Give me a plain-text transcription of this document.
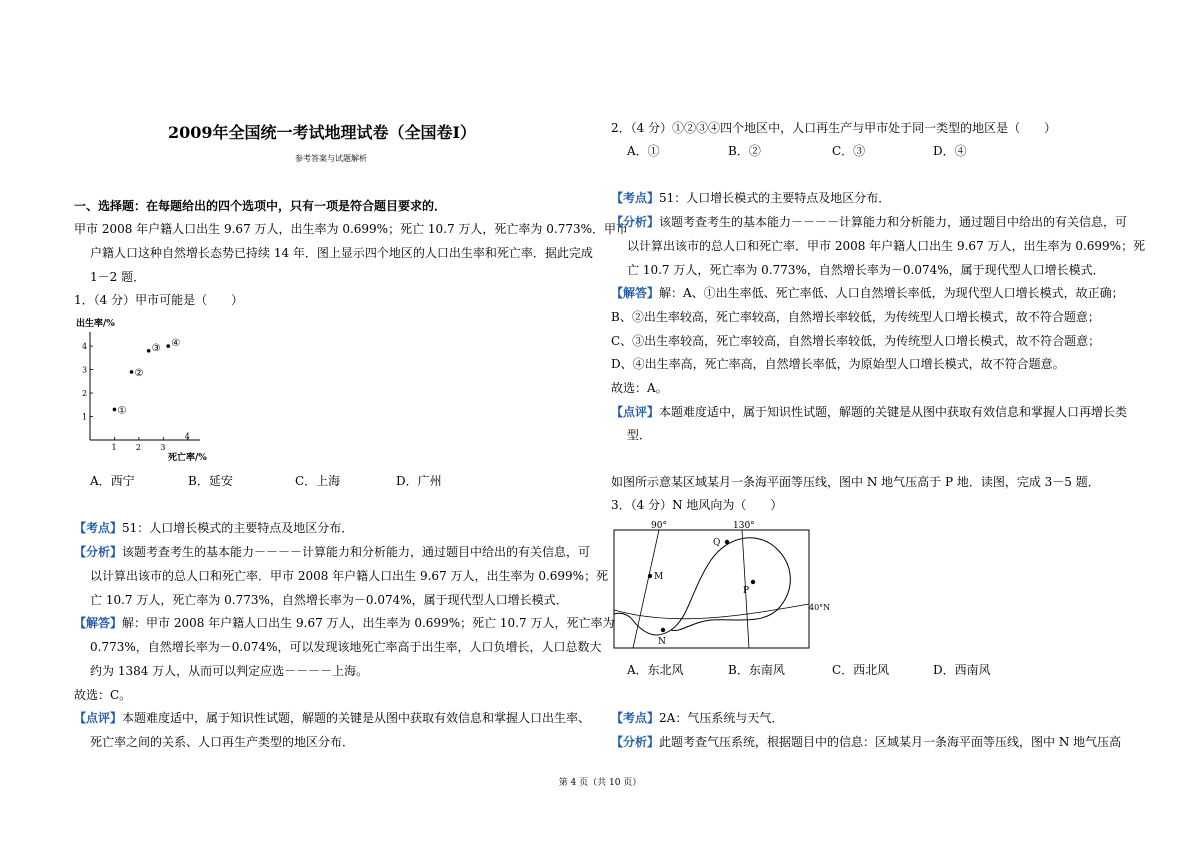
2009年全国统一考试地理试卷（全国卷Ⅰ）
参考答案与试题解析
一、选择题：在每题给出的四个选项中，只有一项是符合题目要求的．
甲市 2008 年户籍人口出生 9.67 万人，出生率为 0.699%；死亡 10.7 万人，死亡率为 0.773%．甲市
户籍人口这种自然增长态势已持续 14 年．图上显示四个地区的人口出生率和死亡率．据此完成
1－2 题．
1．（4 分）甲市可能是（　　）
出生率/%
死亡率/%
1 2 3
4
1
2
3
4
①
②
③ ④
A．西宁	B．延安	C．上海	D．广州
【考点】51：人口增长模式的主要特点及地区分布．
【分析】该题考查考生的基本能力－－－－计算能力和分析能力，通过题目中给出的有关信息，可
以计算出该市的总人口和死亡率．甲市 2008 年户籍人口出生 9.67 万人，出生率为 0.699%；死
亡 10.7 万人，死亡率为 0.773%，自然增长率为－0.074%，属于现代型人口增长模式．
【解答】解：甲市 2008 年户籍人口出生 9.67 万人，出生率为 0.699%；死亡 10.7 万人，死亡率为
0.773%，自然增长率为－0.074%，可以发现该地死亡率高于出生率，人口负增长，人口总数大
约为 1384 万人，从而可以判定应选－－－－上海。
故选：C。
【点评】本题难度适中，属于知识性试题，解题的关键是从图中获取有效信息和掌握人口出生率、
死亡率之间的关系、人口再生产类型的地区分布．
2．（4 分）①②③④四个地区中，人口再生产与甲市处于同一类型的地区是（　　）
A．①	B．②	C．③	D．④
【考点】51：人口增长模式的主要特点及地区分布．
【分析】该题考查考生的基本能力－－－－计算能力和分析能力，通过题目中给出的有关信息，可
以计算出该市的总人口和死亡率．甲市 2008 年户籍人口出生 9.67 万人，出生率为 0.699%；死
亡 10.7 万人，死亡率为 0.773%，自然增长率为－0.074%，属于现代型人口增长模式．
【解答】解：A、①出生率低、死亡率低、人口自然增长率低，为现代型人口增长模式，故正确；
B、②出生率较高，死亡率较高，自然增长率较低，为传统型人口增长模式，故不符合题意；
C、③出生率较高，死亡率较高，自然增长率较低，为传统型人口增长模式，故不符合题意；
D、④出生率高，死亡率高，自然增长率低，为原始型人口增长模式，故不符合题意。
故选：A。
【点评】本题难度适中，属于知识性试题，解题的关键是从图中获取有效信息和掌握人口再增长类
型．
如图所示意某区域某月一条海平面等压线，图中 N 地气压高于 P 地．读图，完成 3－5 题．
3．（4 分）N 地风向为（　　）
90°	130°
40°N
Q
M
P
N
A．东北风	B．东南风	C．西北风	D．西南风
【考点】2A：气压系统与天气．
【分析】此题考查气压系统，根据题目中的信息：区域某月一条海平面等压线，图中 N 地气压高
第 4 页（共 10 页）
